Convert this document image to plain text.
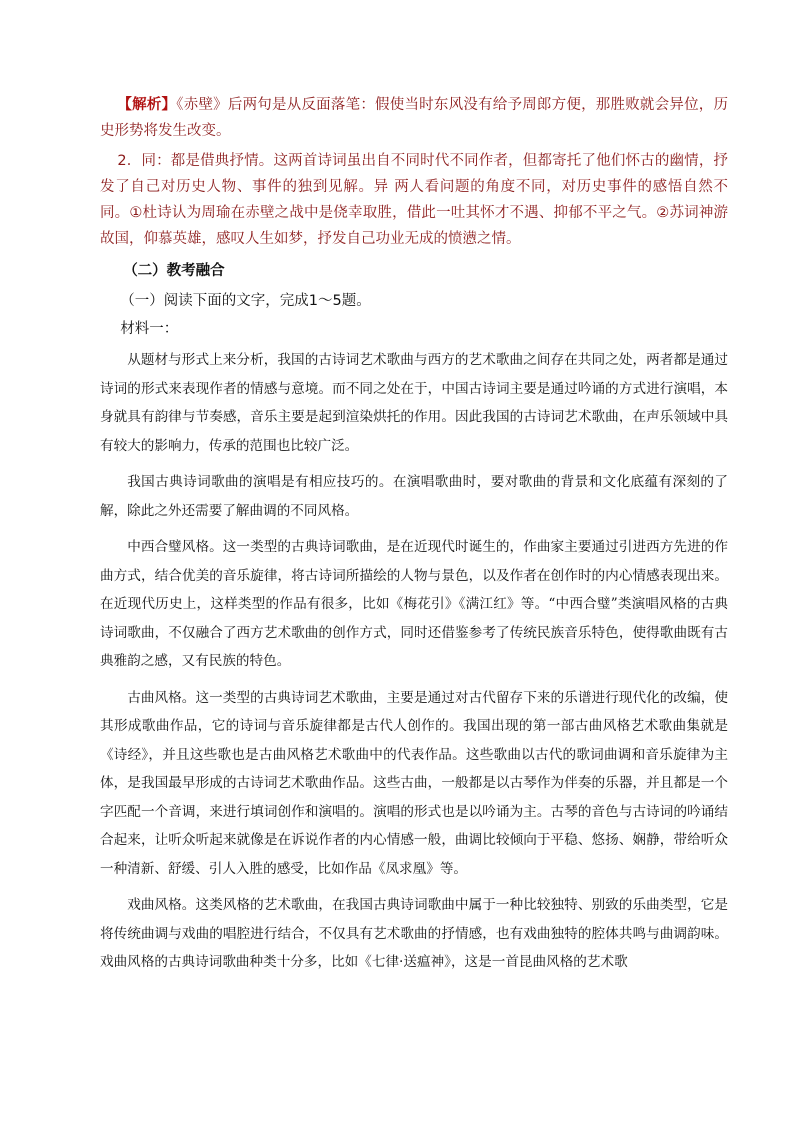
【解析】《赤壁》后两句是从反面落笔：假使当时东风没有给予周郎方便，那胜败就会异位，历史形势将发生改变。

2．同：都是借典抒情。这两首诗词虽出自不同时代不同作者，但都寄托了他们怀古的幽情，抒发了自己对历史人物、事件的独到见解。异 两人看问题的角度不同，对历史事件的感悟自然不同。①杜诗认为周瑜在赤壁之战中是侥幸取胜，借此一吐其怀才不遇、抑郁不平之气。②苏词神游故国，仰慕英雄，感叹人生如梦，抒发自己功业无成的愤懑之情。

（二）教考融合
（一）阅读下面的文字，完成1～5题。
材料一：

从题材与形式上来分析，我国的古诗词艺术歌曲与西方的艺术歌曲之间存在共同之处，两者都是通过诗词的形式来表现作者的情感与意境。而不同之处在于，中国古诗词主要是通过吟诵的方式进行演唱，本身就具有韵律与节奏感，音乐主要是起到渲染烘托的作用。因此我国的古诗词艺术歌曲，在声乐领域中具有较大的影响力，传承的范围也比较广泛。

我国古典诗词歌曲的演唱是有相应技巧的。在演唱歌曲时，要对歌曲的背景和文化底蕴有深刻的了解，除此之外还需要了解曲调的不同风格。

中西合璧风格。这一类型的古典诗词歌曲，是在近现代时诞生的，作曲家主要通过引进西方先进的作曲方式，结合优美的音乐旋律，将古诗词所描绘的人物与景色，以及作者在创作时的内心情感表现出来。在近现代历史上，这样类型的作品有很多，比如《梅花引》《满江红》等。“中西合璧”类演唱风格的古典诗词歌曲，不仅融合了西方艺术歌曲的创作方式，同时还借鉴参考了传统民族音乐特色，使得歌曲既有古典雅韵之感，又有民族的特色。

古曲风格。这一类型的古典诗词艺术歌曲，主要是通过对古代留存下来的乐谱进行现代化的改编，使其形成歌曲作品，它的诗词与音乐旋律都是古代人创作的。我国出现的第一部古曲风格艺术歌曲集就是《诗经》，并且这些歌也是古曲风格艺术歌曲中的代表作品。这些歌曲以古代的歌词曲调和音乐旋律为主体，是我国最早形成的古诗词艺术歌曲作品。这些古曲，一般都是以古琴作为伴奏的乐器，并且都是一个字匹配一个音调，来进行填词创作和演唱的。演唱的形式也是以吟诵为主。古琴的音色与古诗词的吟诵结合起来，让听众听起来就像是在诉说作者的内心情感一般，曲调比较倾向于平稳、悠扬、娴静，带给听众一种清新、舒缓、引人入胜的感受，比如作品《凤求凰》等。

戏曲风格。这类风格的艺术歌曲，在我国古典诗词歌曲中属于一种比较独特、别致的乐曲类型，它是将传统曲调与戏曲的唱腔进行结合，不仅具有艺术歌曲的抒情感，也有戏曲独特的腔体共鸣与曲调韵味。戏曲风格的古典诗词歌曲种类十分多，比如《七律·送瘟神》，这是一首昆曲风格的艺术歌
